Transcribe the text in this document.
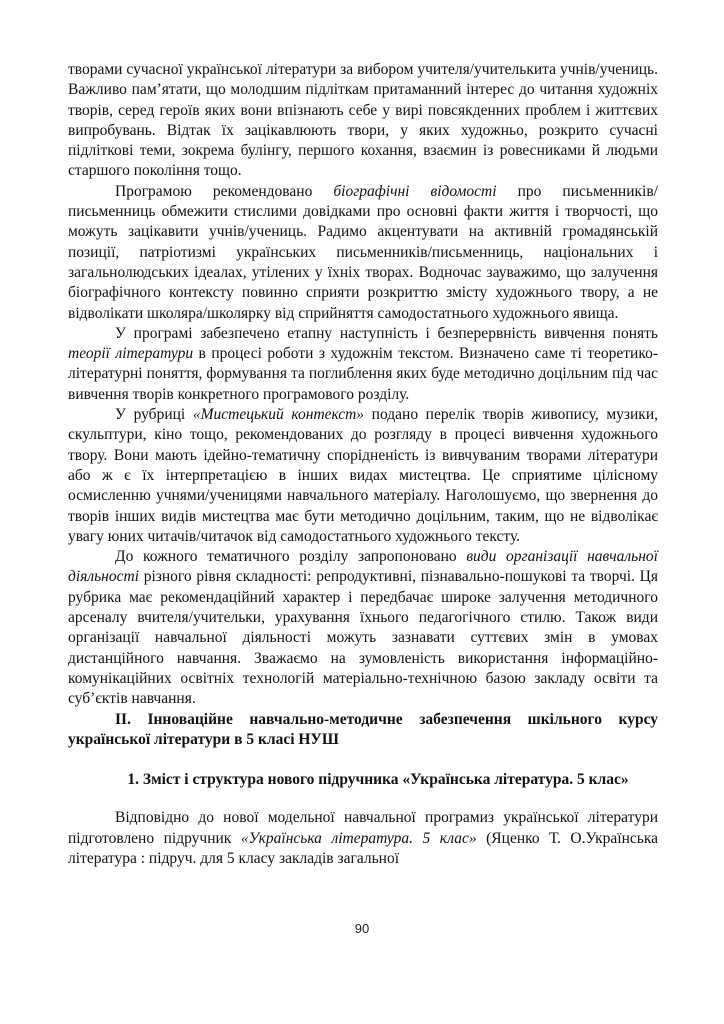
творами сучасної української літератури за вибором учителя/учителькита учнів/учениць. Важливо пам’ятати, що молодшим підліткам притаманний інтерес до читання художніх творів, серед героїв яких вони впізнають себе у вирі повсякденних проблем і життєвих випробувань. Відтак їх зацікавлюють твори, у яких художньо, розкрито сучасні підліткові теми, зокрема булінгу, першого кохання, взаємин із ровесниками й людьми старшого покоління тощо.

Програмою рекомендовано біографічні відомості про письменників/письменниць обмежити стислими довідками про основні факти життя і творчості, що можуть зацікавити учнів/учениць. Радимо акцентувати на активній громадянській позиції, патріотизмі українських письменників/письменниць, національних і загальнолюдських ідеалах, утілених у їхніх творах. Водночас зауважимо, що залучення біографічного контексту повинно сприяти розкриттю змісту художнього твору, а не відволікати школяра/школярку від сприйняття самодостатнього художнього явища.

У програмі забезпечено етапну наступність і безперервність вивчення понять теорії літератури в процесі роботи з художнім текстом. Визначено саме ті теоретико-літературні поняття, формування та поглиблення яких буде методично доцільним під час вивчення творів конкретного програмового розділу.

У рубриці «Мистецький контекст» подано перелік творів живопису, музики, скульптури, кіно тощо, рекомендованих до розгляду в процесі вивчення художнього твору. Вони мають ідейно-тематичну спорідненість із вивчуваним творами літератури або ж є їх інтерпретацією в інших видах мистецтва. Це сприятиме цілісному осмисленню учнями/ученицями навчального матеріалу. Наголошуємо, що звернення до творів інших видів мистецтва має бути методично доцільним, таким, що не відволікає увагу юних читачів/читачок від самодостатнього художнього тексту.

До кожного тематичного розділу запропоновано види організації навчальної діяльності різного рівня складності: репродуктивні, пізнавально-пошукові та творчі. Ця рубрика має рекомендаційний характер і передбачає широке залучення методичного арсеналу вчителя/учительки, урахування їхнього педагогічного стилю. Також види організації навчальної діяльності можуть зазнавати суттєвих змін в умовах дистанційного навчання. Зважаємо на зумовленість використання інформаційно-комунікаційних освітніх технологій матеріально-технічною базою закладу освіти та суб’єктів навчання.

ІІ. Інноваційне навчально-методичне забезпечення шкільного курсу української літератури в 5 класі НУШ

1. Зміст і структура нового підручника «Українська література. 5 клас»

Відповідно до нової модельної навчальної програмиз української літератури підготовлено підручник «Українська література. 5 клас» (Яценко Т. О.Українська література : підруч. для 5 класу закладів загальної

90
